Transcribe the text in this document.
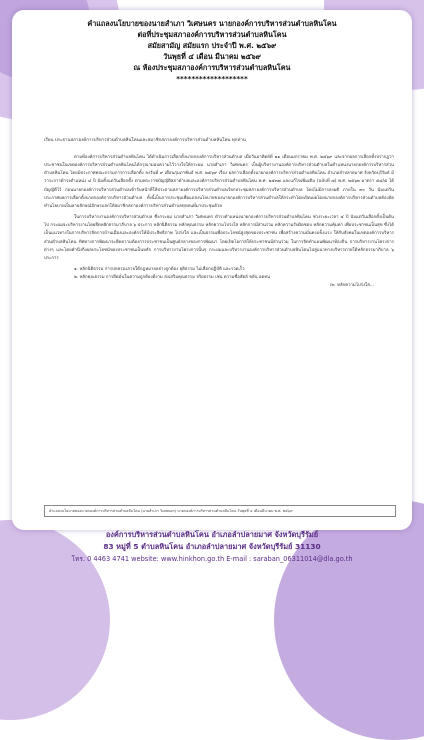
คำแถลงนโยบายของนายสำเภา วิเศษนคร นายกองค์การบริหารส่วนตำบลหินโคน
ต่อที่ประชุมสภาองค์การบริหารส่วนตำบลหินโคน
สมัยสามัญ สมัยแรก ประจำปี พ.ศ. ๒๕๖๙
วันพุธที่ ๔ เดือน มีนาคม ๒๕๖๙
ณ ห้องประชุมสภาองค์การบริหารส่วนตำบลหินโคน
*******************
เรียน ประธานสภาองค์การบริหารส่วนตำบลหินโคนและสมาชิกสภาองค์การบริหารส่วนตำบลหินโคน ทุกท่าน

ตามที่องค์การบริหารส่วนตำบลหินโคน ได้ดำเนินการเลือกตั้งนายกองค์การบริหารส่วนตำบล เมื่อวันอาทิตย์ที่ ๑๑ เดือนมกราคม พ.ศ. ๒๕๖๙ และจากผลการเลือกตั้งปรากฏว่าประชาชนในเขตองค์การบริหารส่วนตำบลหินโคนได้กรุณามอบความไว้วางใจให้กระผม นายสำเภา วิเศษนคร เป็นผู้บริหารงานองค์การบริหารส่วนตำบลในตำแหน่งนายกองค์การบริหารส่วนตำบลหินโคน โดยมีประกาศคณะกรรมการการเลือกตั้ง ลงวันที่ ๙ เดือนกุมภาพันธ์ พ.ศ. ๒๕๖๙ เรื่อง ผลการเลือกตั้งนายกองค์การบริหารส่วนตำบลหินโคน อำเภอลำปลายมาศ จังหวัดบุรีรัมย์ มีวาระการดำรงตำแหน่ง ๔ ปี นับตั้งแต่วันเลือกตั้ง ตามพระราชบัญญัติสภาตำบลและองค์การบริหารส่วนตำบลหินโคน พ.ศ. ๒๕๓๗ และแก้ไขเพิ่มเติม (ฉบับที่ ๗) พ.ศ. ๒๕๖๒ มาตรา ๕๘/๕ ได้บัญญัติไว้ ก่อนนายกองค์การบริหารส่วนตำบลเข้ารับหน้าที่ให้ประธานสภาองค์การบริหารส่วนตำบลเรียกประชุมสภาองค์การบริหารส่วนตำบล โดยไม่มีการลงมติ ภายใน ๓๐ วัน นับแต่วันประกาศผลการเลือกตั้งนายกองค์การบริหารส่วนตำบล ทั้งนี้เป็นการประชุมเพื่อแถลงนโยบายของนายกองค์การบริหารส่วนตำบลให้กระทำโดยเปิดเผยโดยนายกองค์การบริหารส่วนตำบลต้องจัดทำนโยบายเป็นลายลักษณ์อักษรแจกให้สมาชิกสภาองค์การบริหารส่วนตำบลทุกคนที่มาประชุมด้วย

ในการบริหารงานองค์การบริหารส่วนตำบล ซึ่งกระผม นายสำเภา วิเศษนคร ดำรงตำแหน่งนายกองค์การบริหารส่วนตำบลหินโคน ช่วงระยะเวลา ๔ ปี นับแต่วันเลือกตั้งเป็นต้นไป กระผมจะบริหารงานโดยยึดหลักธรรมาภิบาล ๖ ประการ หลักนิติธรรม หลักคุณธรรม หลักความโปร่งใส หลักการมีส่วนร่วม หลักความรับผิดชอบ หลักความคุ้มค่า เพื่อประชาชนเป็นสุข ซึ่งได้เป็นแนวทางในการบริหารจัดการบ้านเมืองและองค์กรให้มีประสิทธิภาพ โปร่งใส และเป็นธรรมเพื่อประโยชน์สูงสุดของประชาชน เพื่อสร้างความมั่นคงแข็งแรง ให้กับสังคมในเขตองค์การบริหารส่วนตำบลหินโคน ทิศทางการพัฒนาจะยึดความต้องการประชาชนเป็นศูนย์กลางของการพัฒนา โดยเปิดโอกาสให้ประชาชนมีส่วนร่วม ในการจัดทำแผนพัฒนาท้องถิ่น การบริหารงานโครงการต่างๆ และโดยคำนึงถึงผลประโยชน์ของประชาชนเป็นหลัก การบริหารงานโครงการนั้นๆ กระผมและบริหารงานองค์การบริหารส่วนตำบลหินโคนไปสู่แนวทางบริหารภายใต้หลักธรรมาภิบาล ๖ ประการ

๑. หลักนิติธรรม การปกครองภายใต้กฎหมายอย่างถูกต้อง ยุติธรรม ไม่เลือกปฏิบัติ และรวดเร็ว

๒. หลักคุณธรรม การยึดมั่นในความถูกต้องดีงาม ส่งเสริมคุณธรรม จริยธรรม เช่น ความซื่อสัตย์ ขยัน อดทน

/๓. หลักความโปร่งใส...

คำแถลงนโยบายของนายกองค์การบริหารส่วนตำบลหินโคน (นายสำเภา วิเศษนคร) นายกองค์การบริหารส่วนตำบลหินโคน วันพุธที่ ๔ เดือนมีนาคม พ.ศ. ๒๕๖๙
องค์การบริหารส่วนตำบลหินโคน อำเภอลำปลายมาศ จังหวัดบุรีรัมย์
83 หมู่ที่ 5 ตำบลหินโคน อำเภอลำปลายมาศ จังหวัดบุรีรัมย์ 31130
โทร. 0 4463 4741 website: www.hinkhon.go.th E-mail : saraban_06311014@dla.go.th
